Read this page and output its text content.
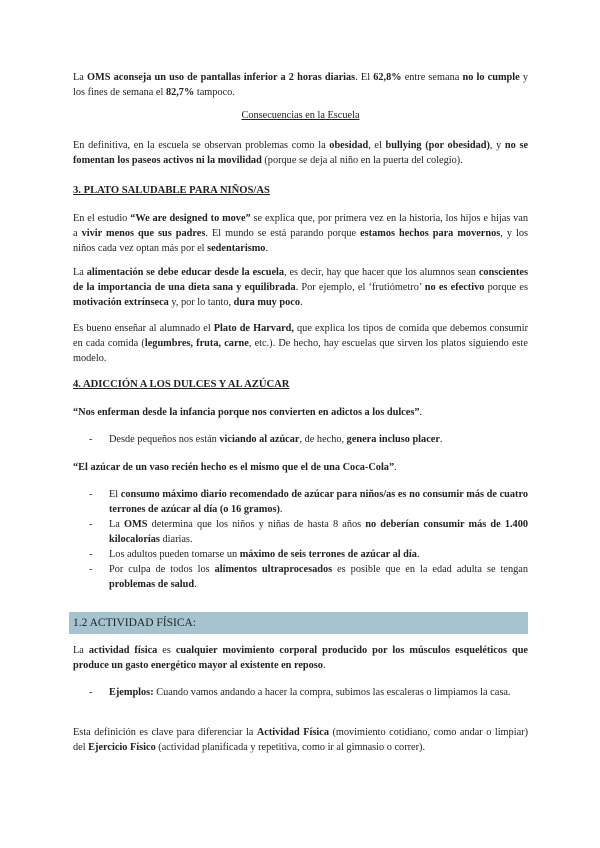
La OMS aconseja un uso de pantallas inferior a 2 horas diarias. El 62,8% entre semana no lo cumple y los fines de semana el 82,7% tampoco.

Consecuencias en la Escuela

En definitiva, en la escuela se observan problemas como la obesidad, el bullying (por obesidad), y no se fomentan los paseos activos ni la movilidad (porque se deja al niño en la puerta del colegio).

3. PLATO SALUDABLE PARA NIÑOS/AS

En el estudio “We are designed to move” se explica que, por primera vez en la historia, los hijos e hijas van a vivir menos que sus padres. El mundo se está parando porque estamos hechos para movernos, y los niños cada vez optan más por el sedentarismo.

La alimentación se debe educar desde la escuela, es decir, hay que hacer que los alumnos sean conscientes de la importancia de una dieta sana y equilibrada. Por ejemplo, el ‘frutiómetro’ no es efectivo porque es motivación extrínseca y, por lo tanto, dura muy poco.

Es bueno enseñar al alumnado el Plato de Harvard, que explica los tipos de comida que debemos consumir en cada comida (legumbres, fruta, carne, etc.). De hecho, hay escuelas que sirven los platos siguiendo este modelo.

4. ADICCIÓN A LOS DULCES Y AL AZÚCAR

“Nos enferman desde la infancia porque nos convierten en adictos a los dulces”.

- Desde pequeños nos están viciando al azúcar, de hecho, genera incluso placer.

“El azúcar de un vaso recién hecho es el mismo que el de una Coca-Cola”.

- El consumo máximo diario recomendado de azúcar para niños/as es no consumir más de cuatro terrones de azúcar al día (o 16 gramos).
- La OMS determina que los niños y niñas de hasta 8 años no deberían consumir más de 1.400 kilocalorías diarias.
- Los adultos pueden tomarse un máximo de seis terrones de azúcar al día.
- Por culpa de todos los alimentos ultraprocesados es posible que en la edad adulta se tengan problemas de salud.
1.2 ACTIVIDAD FÍSICA:

La actividad física es cualquier movimiento corporal producido por los músculos esqueléticos que produce un gasto energético mayor al existente en reposo.

- Ejemplos: Cuando vamos andando a hacer la compra, subimos las escaleras o limpiamos la casa.

Esta definición es clave para diferenciar la Actividad Física (movimiento cotidiano, como andar o limpiar) del Ejercicio Físico (actividad planificada y repetitiva, como ir al gimnasio o correr).
